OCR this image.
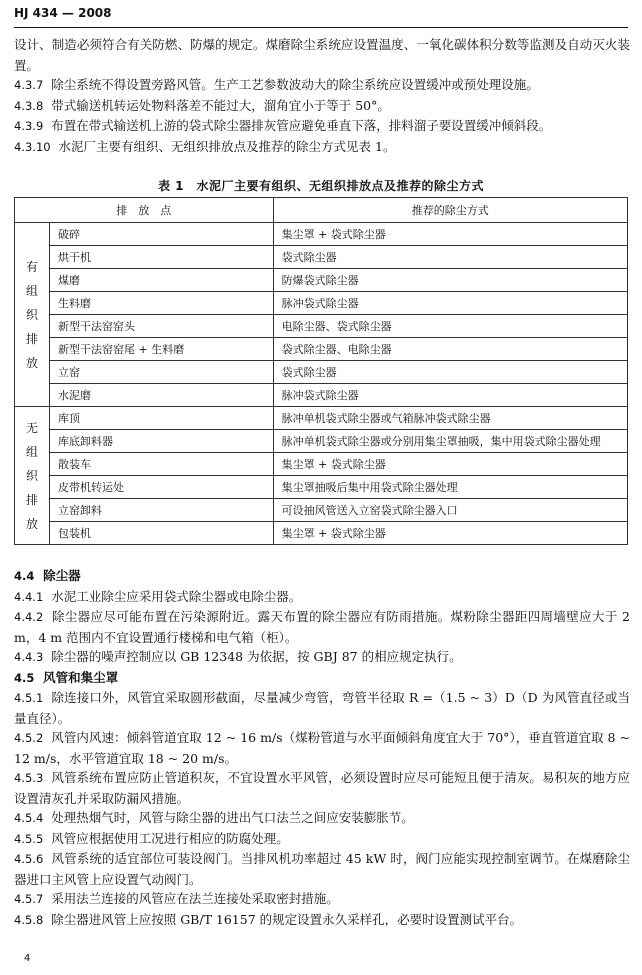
HJ 434 — 2008

设计、制造必须符合有关防燃、防爆的规定。煤磨除尘系统应设置温度、一氧化碳体积分数等监测及自动灭火装置。

4.3.7 除尘系统不得设置旁路风管。生产工艺参数波动大的除尘系统应设置缓冲或预处理设施。

4.3.8 带式输送机转运处物料落差不能过大，溜角宜小于等于 50°。

4.3.9 布置在带式输送机上游的袋式除尘器排灰管应避免垂直下落，排料溜子要设置缓冲倾斜段。

4.3.10 水泥厂主要有组织、无组织排放点及推荐的除尘方式见表 1。

表 1　水泥厂主要有组织、无组织排放点及推荐的除尘方式
排　放　点		推荐的除尘方式

有组织排放	破碎	集尘罩 + 袋式除尘器
	烘干机	袋式除尘器
	煤磨	防爆袋式除尘器
	生料磨	脉冲袋式除尘器
	新型干法窑窑头	电除尘器、袋式除尘器
	新型干法窑窑尾 + 生料磨	袋式除尘器、电除尘器
	立窑	袋式除尘器
	水泥磨	脉冲袋式除尘器

无组织排放	库顶	脉冲单机袋式除尘器或气箱脉冲袋式除尘器
	库底卸料器	脉冲单机袋式除尘器或分别用集尘罩抽吸，集中用袋式除尘器处理
	散装车	集尘罩 + 袋式除尘器
	皮带机转运处	集尘罩抽吸后集中用袋式除尘器处理
	立窑卸料	可设抽风管送入立窑袋式除尘器入口
	包装机	集尘罩 + 袋式除尘器

4.4 除尘器

4.4.1 水泥工业除尘应采用袋式除尘器或电除尘器。

4.4.2 除尘器应尽可能布置在污染源附近。露天布置的除尘器应有防雨措施。煤粉除尘器距四周墙壁应大于 2 m，4 m 范围内不宜设置通行楼梯和电气箱（柜）。

4.4.3 除尘器的噪声控制应以 GB 12348 为依据，按 GBJ 87 的相应规定执行。

4.5 风管和集尘罩

4.5.1 除连接口外，风管宜采取圆形截面，尽量减少弯管，弯管半径取 R =（1.5 ~ 3）D（D 为风管直径或当量直径）。

4.5.2 风管内风速：倾斜管道宜取 12 ~ 16 m/s（煤粉管道与水平面倾斜角度宜大于 70°），垂直管道宜取 8 ~ 12 m/s，水平管道宜取 18 ~ 20 m/s。

4.5.3 风管系统布置应防止管道积灰，不宜设置水平风管，必须设置时应尽可能短且便于清灰。易积灰的地方应设置清灰孔并采取防漏风措施。

4.5.4 处理热烟气时，风管与除尘器的进出气口法兰之间应安装膨胀节。

4.5.5 风管应根据使用工况进行相应的防腐处理。

4.5.6 风管系统的适宜部位可装设阀门。当排风机功率超过 45 kW 时，阀门应能实现控制室调节。在煤磨除尘器进口主风管上应设置气动阀门。

4.5.7 采用法兰连接的风管应在法兰连接处采取密封措施。

4.5.8 除尘器进风管上应按照 GB/T 16157 的规定设置永久采样孔，必要时设置测试平台。

4
